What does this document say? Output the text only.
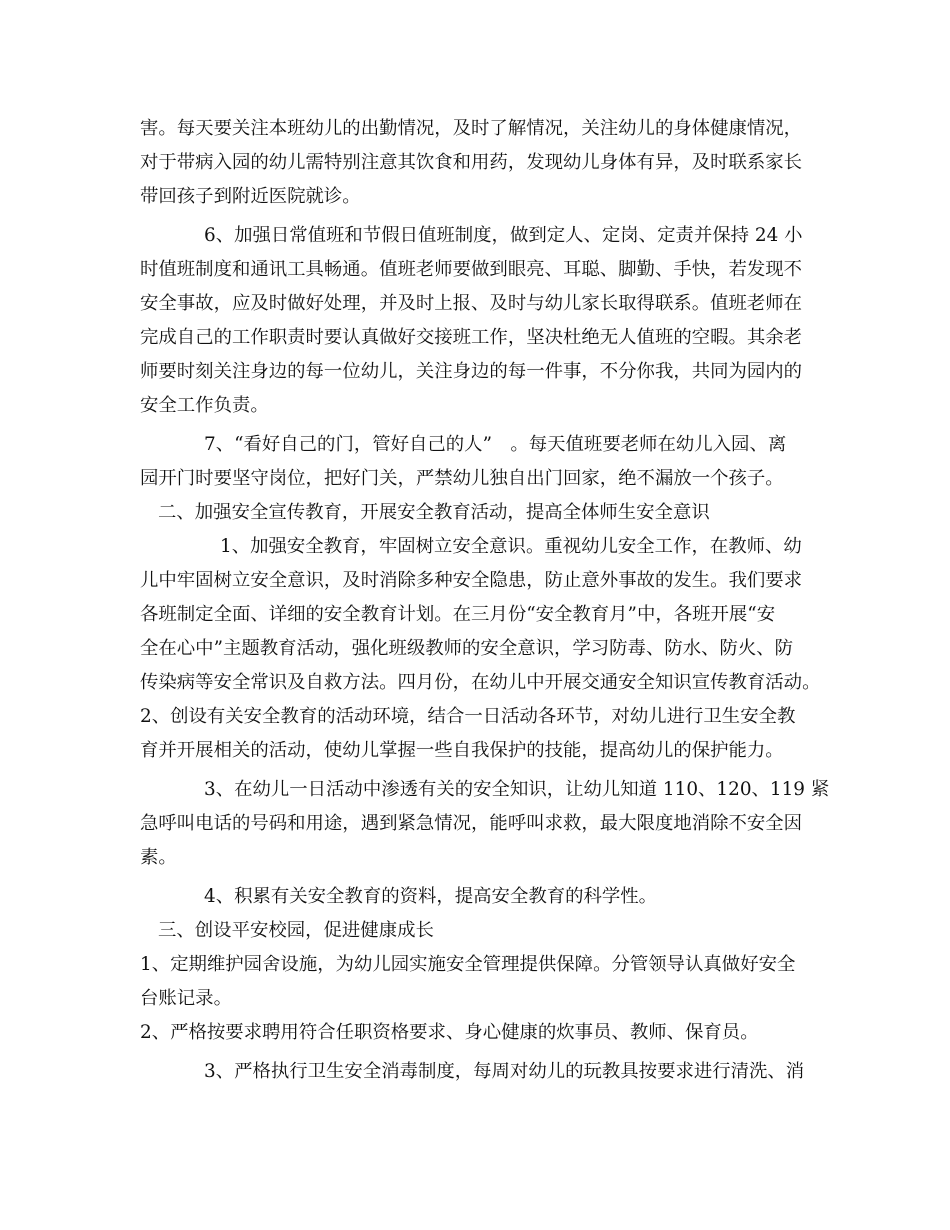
害。每天要关注本班幼儿的出勤情况，及时了解情况，关注幼儿的身体健康情况，

对于带病入园的幼儿需特别注意其饮食和用药，发现幼儿身体有异，及时联系家长

带回孩子到附近医院就诊。

6、加强日常值班和节假日值班制度，做到定人、定岗、定责并保持 24 小

时值班制度和通讯工具畅通。值班老师要做到眼亮、耳聪、脚勤、手快，若发现不

安全事故，应及时做好处理，并及时上报、及时与幼儿家长取得联系。值班老师在

完成自己的工作职责时要认真做好交接班工作，坚决杜绝无人值班的空暇。其余老

师要时刻关注身边的每一位幼儿，关注身边的每一件事，不分你我，共同为园内的

安全工作负责。

7、“看好自己的门，管好自己的人”　。每天值班要老师在幼儿入园、离

园开门时要坚守岗位，把好门关，严禁幼儿独自出门回家，绝不漏放一个孩子。

二、加强安全宣传教育，开展安全教育活动，提高全体师生安全意识

1、加强安全教育，牢固树立安全意识。重视幼儿安全工作，在教师、幼

儿中牢固树立安全意识，及时消除多种安全隐患，防止意外事故的发生。我们要求

各班制定全面、详细的安全教育计划。在三月份“安全教育月”中，各班开展“安

全在心中”主题教育活动，强化班级教师的安全意识，学习防毒、防水、防火、防

传染病等安全常识及自救方法。四月份，在幼儿中开展交通安全知识宣传教育活动。

2、创设有关安全教育的活动环境，结合一日活动各环节，对幼儿进行卫生安全教

育并开展相关的活动，使幼儿掌握一些自我保护的技能，提高幼儿的保护能力。

3、在幼儿一日活动中渗透有关的安全知识，让幼儿知道 110、120、119 紧

急呼叫电话的号码和用途，遇到紧急情况，能呼叫求救，最大限度地消除不安全因

素。

4、积累有关安全教育的资料，提高安全教育的科学性。

三、创设平安校园，促进健康成长

1、定期维护园舍设施，为幼儿园实施安全管理提供保障。分管领导认真做好安全

台账记录。

2、严格按要求聘用符合任职资格要求、身心健康的炊事员、教师、保育员。

3、严格执行卫生安全消毒制度，每周对幼儿的玩教具按要求进行清洗、消
